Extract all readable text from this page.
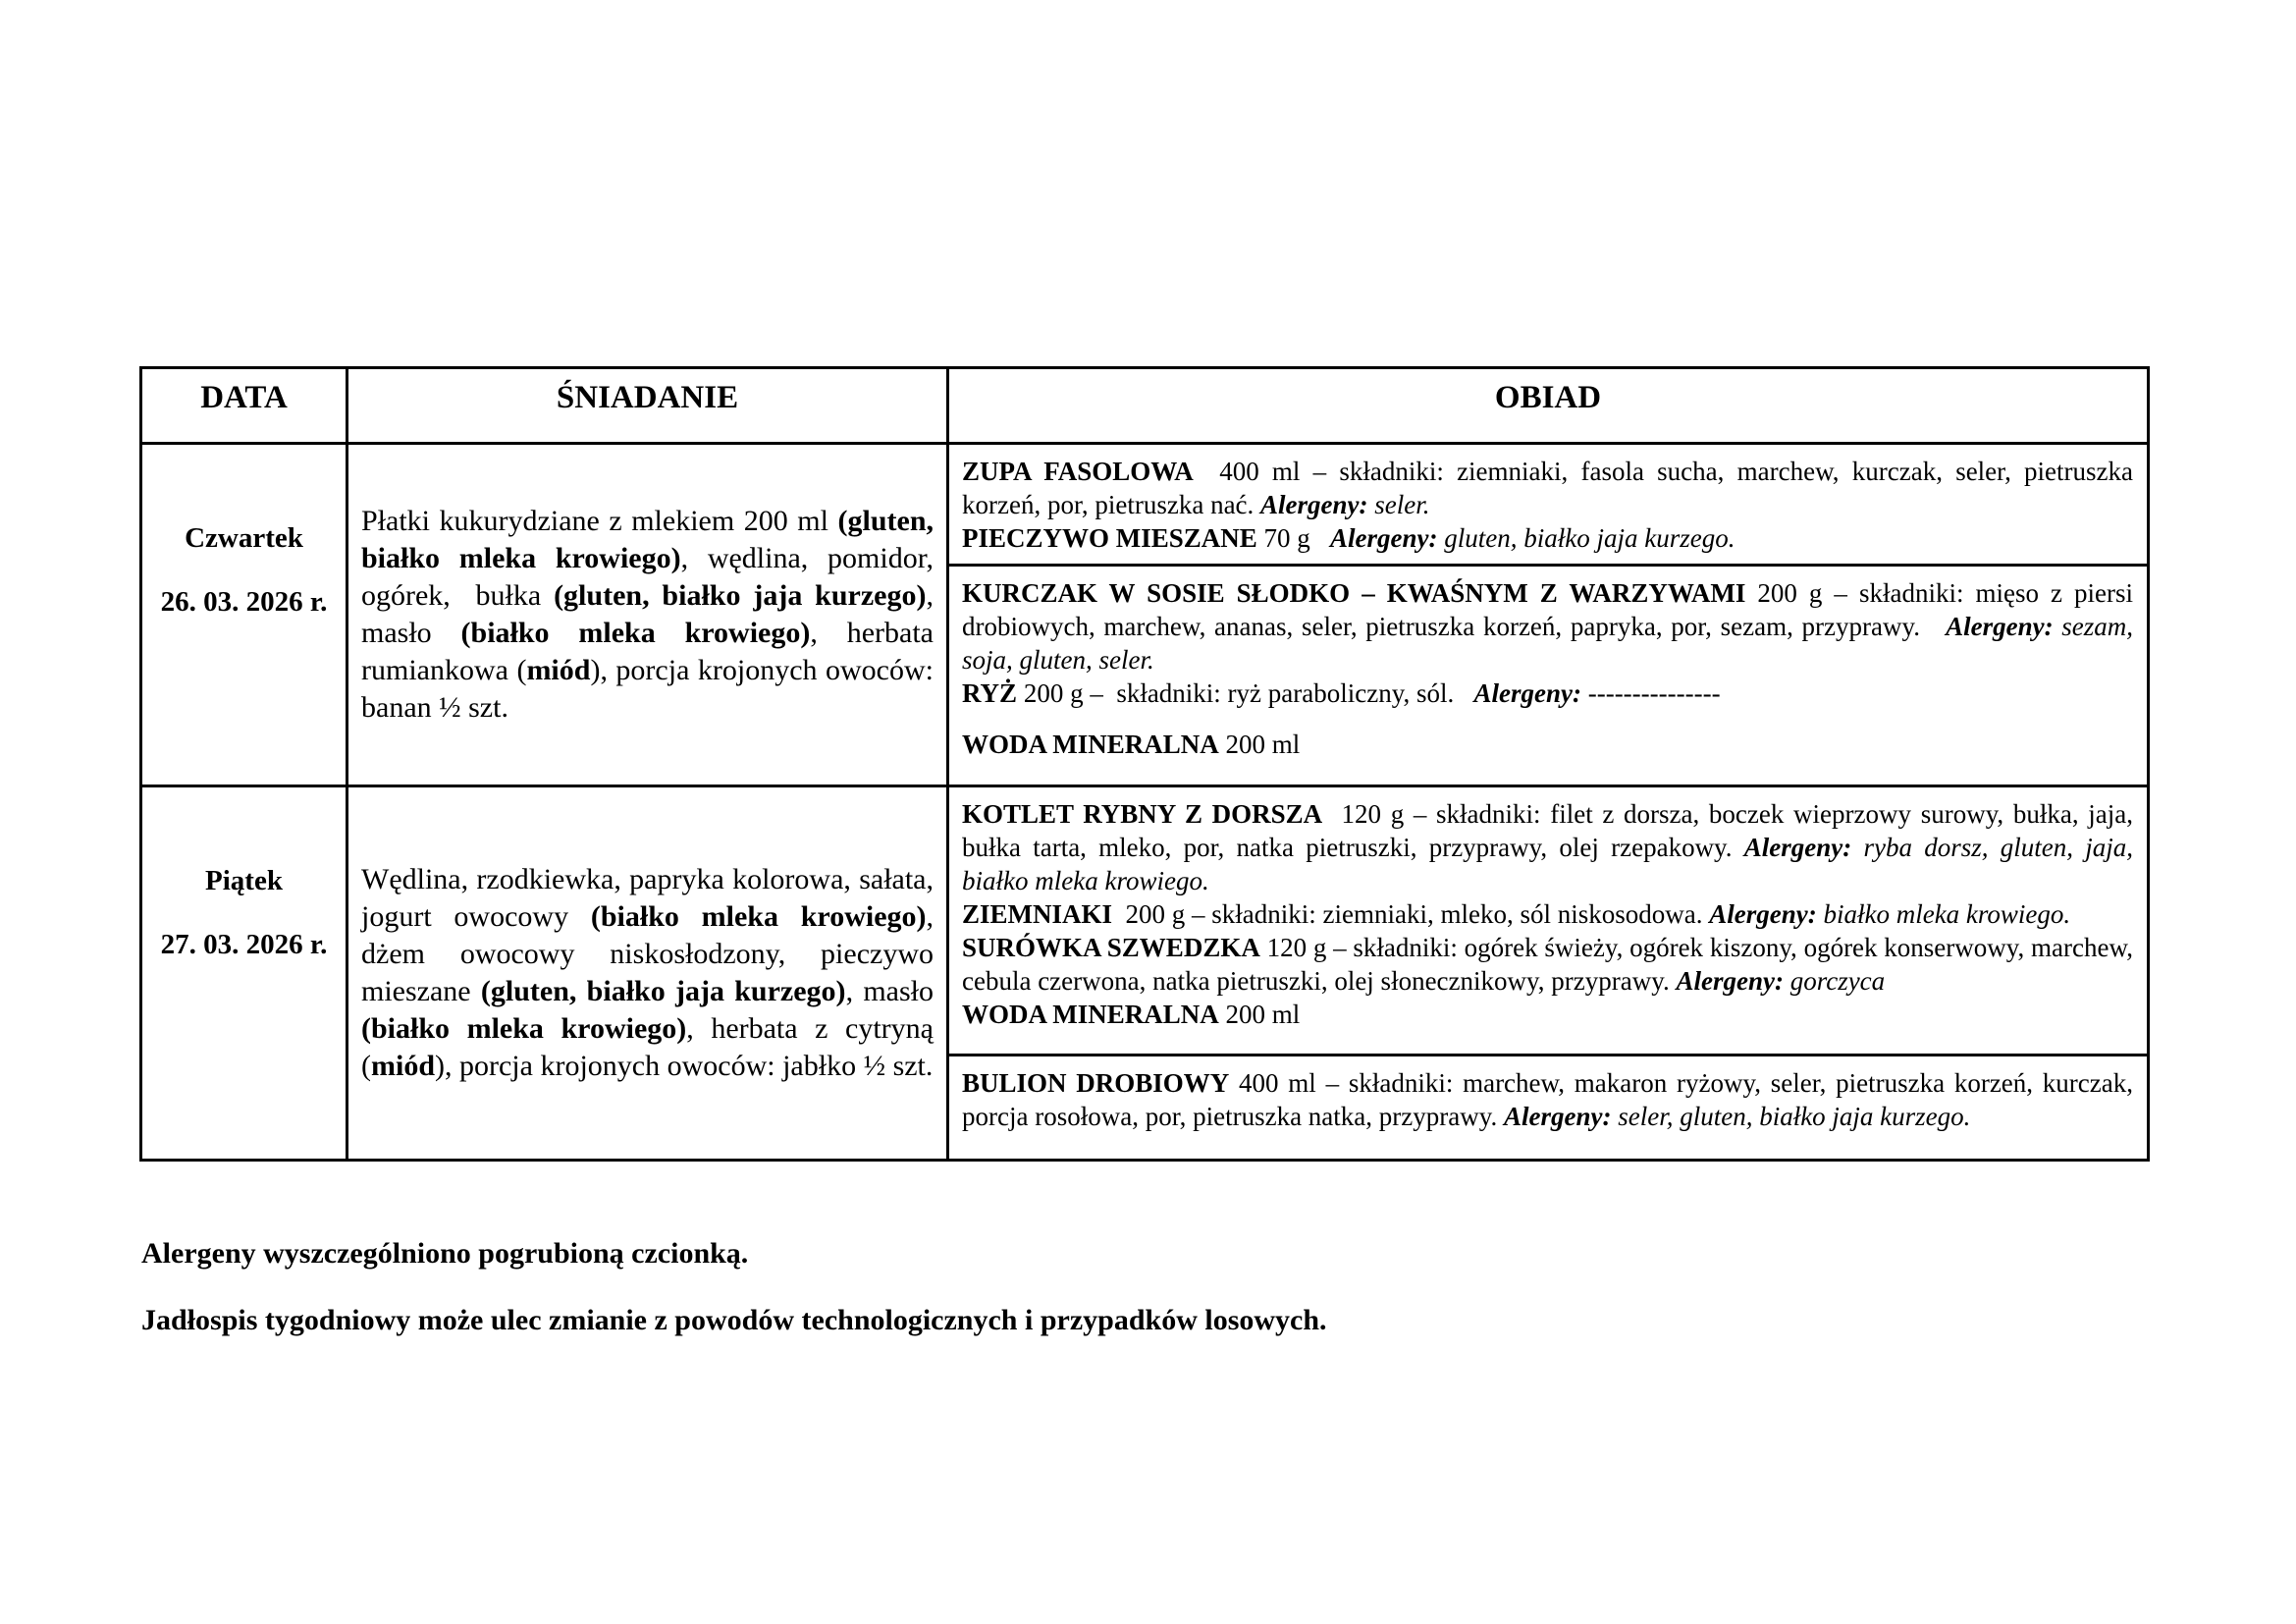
DATA	ŚNIADANIE	OBIAD
Czwartek
26. 03. 2026 r.

Płatki kukurydziane z mlekiem 200 ml (gluten, białko mleka krowiego), wędlina, pomidor, ogórek,  bułka (gluten, białko jaja kurzego), masło (białko mleka krowiego), herbata rumiankowa (miód), porcja krojonych owoców: banan ½ szt.

ZUPA FASOLOWA  400 ml – składniki: ziemniaki, fasola sucha, marchew, kurczak, seler, pietruszka korzeń, por, pietruszka nać. Alergeny: seler.

PIECZYWO MIESZANE 70 g   Alergeny: gluten, białko jaja kurzego.

KURCZAK W SOSIE SŁODKO – KWAŚNYM Z WARZYWAMI 200 g – składniki: mięso z piersi drobiowych, marchew, ananas, seler, pietruszka korzeń, papryka, por, sezam, przyprawy.   Alergeny: sezam, soja, gluten, seler.

RYŻ 200 g –  składniki: ryż paraboliczny, sól.   Alergeny: ---------------

WODA MINERALNA 200 ml

Piątek
27. 03. 2026 r.

Wędlina, rzodkiewka, papryka kolorowa, sałata, jogurt owocowy (białko mleka krowiego), dżem owocowy niskosłodzony, pieczywo mieszane (gluten, białko jaja kurzego), masło (białko mleka krowiego), herbata z cytryną (miód), porcja krojonych owoców: jabłko ½ szt.

KOTLET RYBNY Z DORSZA  120 g – składniki: filet z dorsza, boczek wieprzowy surowy, bułka, jaja, bułka tarta, mleko, por, natka pietruszki, przyprawy, olej rzepakowy. Alergeny: ryba dorsz, gluten, jaja, białko mleka krowiego.

ZIEMNIAKI  200 g – składniki: ziemniaki, mleko, sól niskosodowa. Alergeny: białko mleka krowiego.

SURÓWKA SZWEDZKA 120 g – składniki: ogórek świeży, ogórek kiszony, ogórek konserwowy, marchew, cebula czerwona, natka pietruszki, olej słonecznikowy, przyprawy. Alergeny: gorczyca

WODA MINERALNA 200 ml

BULION DROBIOWY 400 ml – składniki: marchew, makaron ryżowy, seler, pietruszka korzeń, kurczak, porcja rosołowa, por, pietruszka natka, przyprawy. Alergeny: seler, gluten, białko jaja kurzego.

Alergeny wyszczególniono pogrubioną czcionką.

Jadłospis tygodniowy może ulec zmianie z powodów technologicznych i przypadków losowych.
